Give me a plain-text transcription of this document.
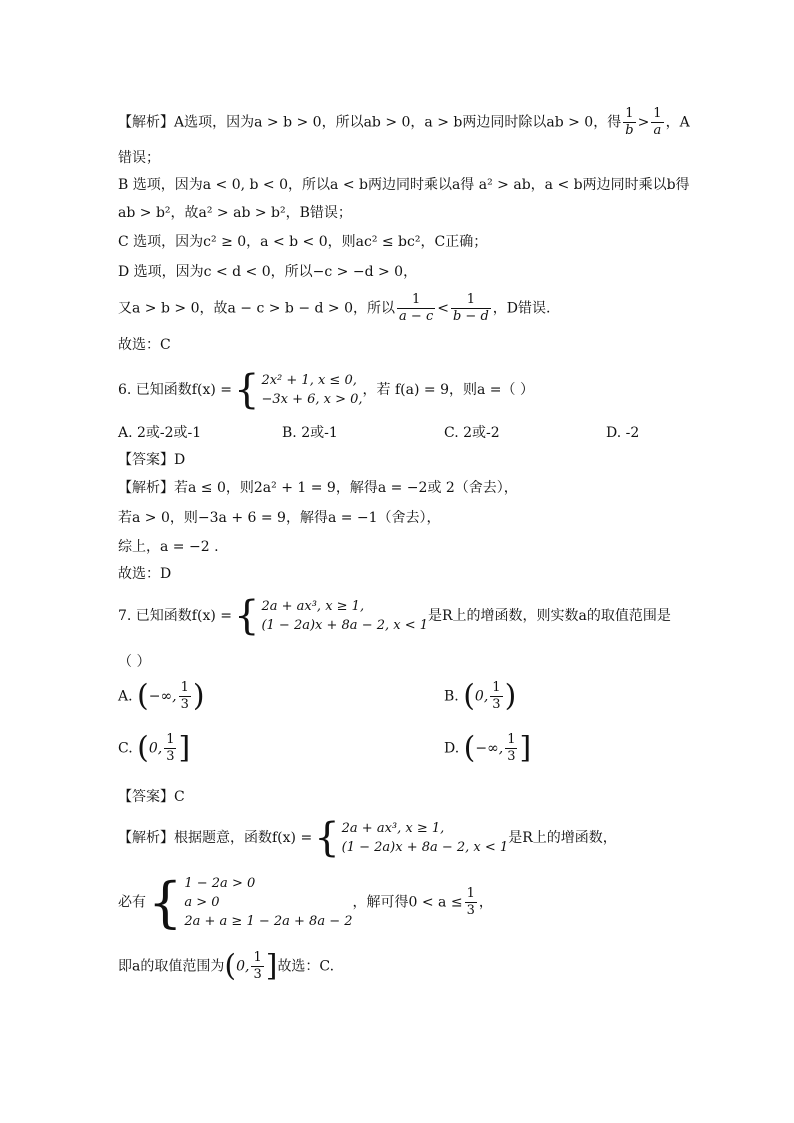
【解析】A选项，因为a > b > 0，所以ab > 0，a > b两边同时除以ab > 0，得 $\frac{1}{b} > \frac{1}{a}$ ，A
错误；
B 选项，因为a < 0, b < 0，所以a < b两边同时乘以a得 a² > ab，a < b两边同时乘以b得
ab > b²，故a² > ab > b²，B错误；
C 选项，因为c² ≥ 0，a < b < 0，则ac² ≤ bc²，C正确；
D 选项，因为c < d < 0，所以−c > −d > 0，
又a > b > 0，故a − c > b − d > 0，所以 $\frac{1}{a - c} < \frac{1}{b - d}$ ，D错误.
故选：C
6. 已知函数f(x) ={ 2x² + 1, x ≤ 0,
−3x + 6, x > 0,
，若 f(a) = 9，则a =（ ）
A. 2或-2或-1	B. 2或-1	C. 2或-2	D. -2
【答案】D
【解析】若a ≤ 0，则2a² + 1 = 9，解得a = −2或 2（舍去），
若a > 0，则−3a + 6 = 9，解得a = −1（舍去），
综上，a = −2 .
故选：D
7. 已知函数f(x) ={ 2a + ax³, x ≥ 1,
(1 − 2a)x + 8a − 2, x < 1
是R上的增函数，则实数a的取值范围是
（ ）
A. (−∞, $\frac{1}{3}$ )	B. (0, $\frac{1}{3}$ )
C. (0, $\frac{1}{3}$ ]	D. (−∞, $\frac{1}{3}$ ]
【答案】C
【解析】根据题意，函数f(x) ={ 2a + ax³, x ≥ 1,
(1 − 2a)x + 8a − 2, x < 1
是R上的增函数，
必有{ 1 − 2a > 0
a > 0
2a + a ≥ 1 − 2a + 8a − 2
，解可得$0 < a \le \frac{1}{3}$ ，
即a的取值范围为(0, $\frac{1}{3}$ ]故选：C.
